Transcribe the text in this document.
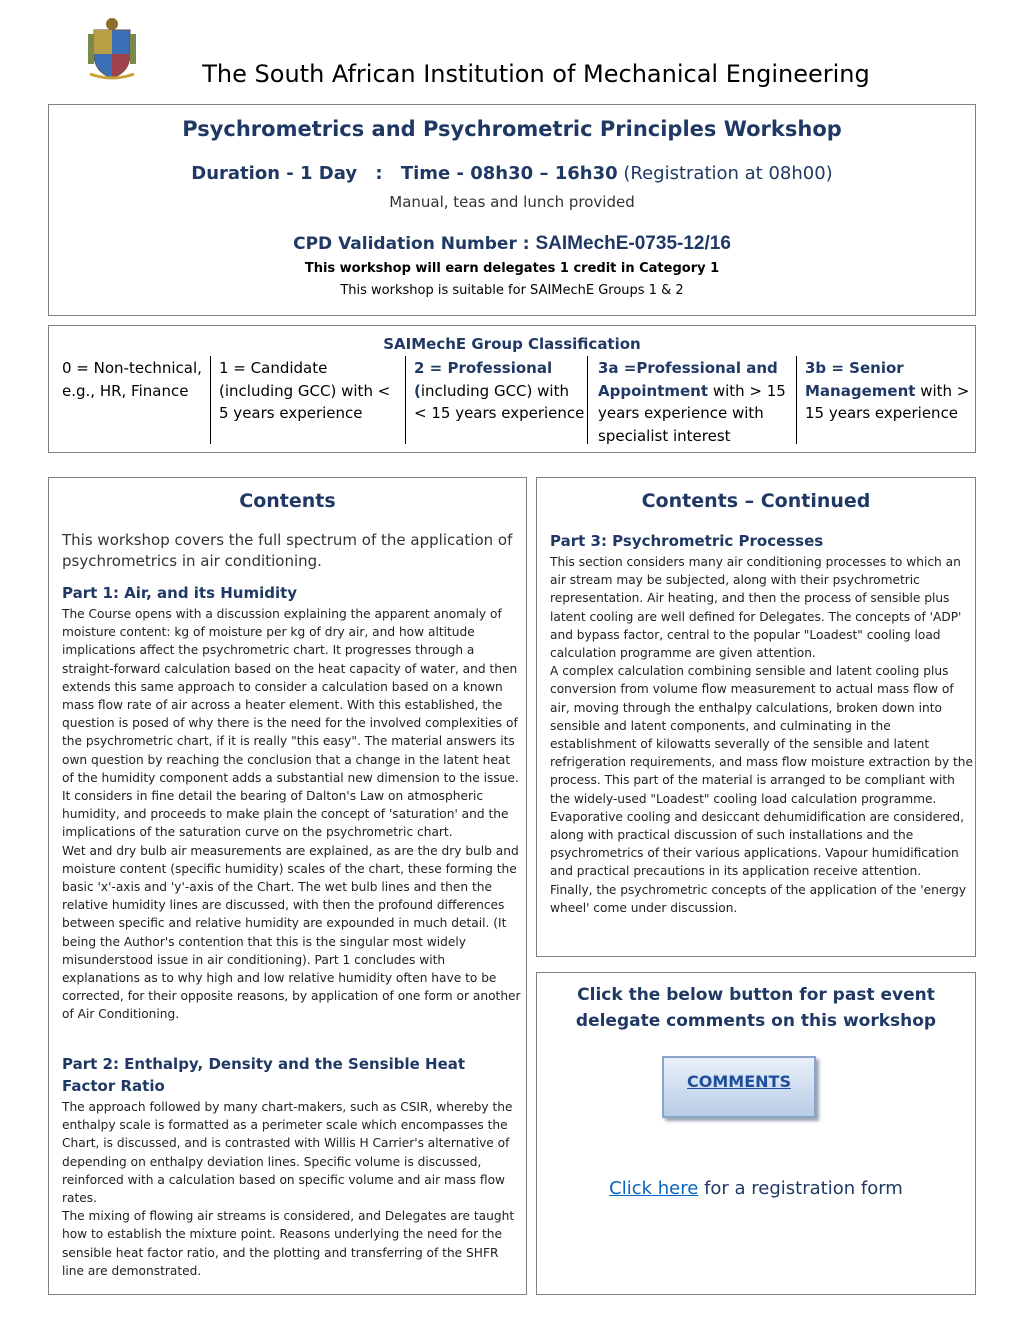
The South African Institution of Mechanical Engineering
Psychrometrics and Psychrometric Principles Workshop
Duration - 1 Day : Time - 08h30 – 16h30 (Registration at 08h00)
Manual, teas and lunch provided
CPD Validation Number : SAIMechE-0735-12/16
This workshop will earn delegates 1 credit in Category 1
This workshop is suitable for SAIMechE Groups 1 & 2
SAIMechE Group Classification
0 = Non-technical, e.g., HR, Finance
1 = Candidate (including GCC) with < 5 years experience
2 = Professional
(including GCC) with < 15 years experience
3a =Professional and Appointment with > 15 years experience with specialist interest
3b = Senior Management with > 15 years experience
Contents
This workshop covers the full spectrum of the application of psychrometrics in air conditioning.
Part 1: Air, and its Humidity
The Course opens with a discussion explaining the apparent anomaly of moisture content: kg of moisture per kg of dry air, and how altitude implications affect the psychrometric chart. It progresses through a straight-forward calculation based on the heat capacity of water, and then extends this same approach to consider a calculation based on a known mass flow rate of air across a heater element. With this established, the question is posed of why there is the need for the involved complexities of the psychrometric chart, if it is really "this easy". The material answers its own question by reaching the conclusion that a change in the latent heat of the humidity component adds a substantial new dimension to the issue. It considers in fine detail the bearing of Dalton's Law on atmospheric humidity, and proceeds to make plain the concept of 'saturation' and the implications of the saturation curve on the psychrometric chart.
Wet and dry bulb air measurements are explained, as are the dry bulb and moisture content (specific humidity) scales of the chart, these forming the basic 'x'-axis and 'y'-axis of the Chart. The wet bulb lines and then the relative humidity lines are discussed, with then the profound differences between specific and relative humidity are expounded in much detail. (It being the Author's contention that this is the singular most widely misunderstood issue in air conditioning). Part 1 concludes with explanations as to why high and low relative humidity often have to be corrected, for their opposite reasons, by application of one form or another of Air Conditioning.
Part 2: Enthalpy, Density and the Sensible Heat Factor Ratio
The approach followed by many chart-makers, such as CSIR, whereby the enthalpy scale is formatted as a perimeter scale which encompasses the Chart, is discussed, and is contrasted with Willis H Carrier's alternative of depending on enthalpy deviation lines. Specific volume is discussed, reinforced with a calculation based on specific volume and air mass flow rates.
The mixing of flowing air streams is considered, and Delegates are taught how to establish the mixture point. Reasons underlying the need for the sensible heat factor ratio, and the plotting and transferring of the SHFR line are demonstrated.
Contents – Continued
Part 3: Psychrometric Processes
This section considers many air conditioning processes to which an air stream may be subjected, along with their psychrometric representation. Air heating, and then the process of sensible plus latent cooling are well defined for Delegates. The concepts of 'ADP' and bypass factor, central to the popular "Loadest" cooling load calculation programme are given attention.
A complex calculation combining sensible and latent cooling plus conversion from volume flow measurement to actual mass flow of air, moving through the enthalpy calculations, broken down into sensible and latent components, and culminating in the establishment of kilowatts severally of the sensible and latent refrigeration requirements, and mass flow moisture extraction by the process. This part of the material is arranged to be compliant with the widely-used "Loadest" cooling load calculation programme.
Evaporative cooling and desiccant dehumidification are considered, along with practical discussion of such installations and the psychrometrics of their various applications. Vapour humidification and practical precautions in its application receive attention.
Finally, the psychrometric concepts of the application of the 'energy wheel' come under discussion.
Click the below button for past event delegate comments on this workshop
COMMENTS
Click here for a registration form
